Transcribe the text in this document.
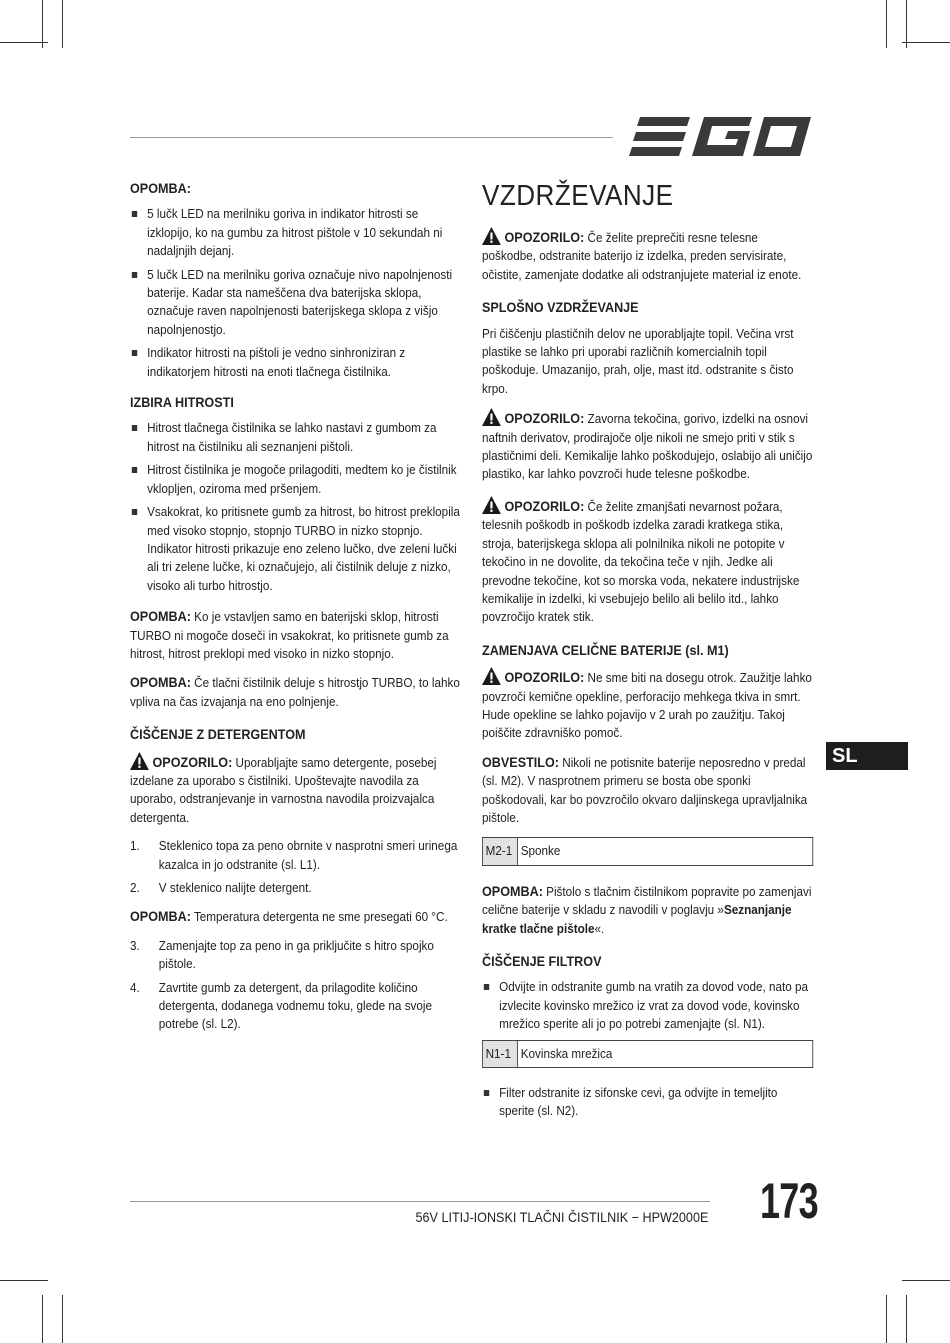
OPOMBA:
5 lučk LED na merilniku goriva in indikator hitrosti se izklopijo, ko na gumbu za hitrost pištole v 10 sekundah ni nadaljnjih dejanj.
5 lučk LED na merilniku goriva označuje nivo napolnjenosti baterije. Kadar sta nameščena dva baterijska sklopa, označuje raven napolnjenosti baterijskega sklopa z višjo napolnjenostjo.
Indikator hitrosti na pištoli je vedno sinhroniziran z indikatorjem hitrosti na enoti tlačnega čistilnika.
IZBIRA HITROSTI
Hitrost tlačnega čistilnika se lahko nastavi z gumbom za hitrost na čistilniku ali seznanjeni pištoli.
Hitrost čistilnika je mogoče prilagoditi, medtem ko je čistilnik vklopljen, oziroma med pršenjem.
Vsakokrat, ko pritisnete gumb za hitrost, bo hitrost preklopila med visoko stopnjo, stopnjo TURBO in nizko stopnjo. Indikator hitrosti prikazuje eno zeleno lučko, dve zeleni lučki ali tri zelene lučke, ki označujejo, ali čistilnik deluje z nizko, visoko ali turbo hitrostjo.

OPOMBA: Ko je vstavljen samo en baterijski sklop, hitrosti TURBO ni mogoče doseči in vsakokrat, ko pritisnete gumb za hitrost, hitrost preklopi med visoko in nizko stopnjo.

OPOMBA: Če tlačni čistilnik deluje s hitrostjo TURBO, to lahko vpliva na čas izvajanja na eno polnjenje.

ČIŠČENJE Z DETERGENTOM

OPOZORILO: Uporabljajte samo detergente, posebej izdelane za uporabo s čistilniki. Upoštevajte navodila za uporabo, odstranjevanje in varnostna navodila proizvajalca detergenta.

1. Steklenico topa za peno obrnite v nasprotni smeri urinega kazalca in jo odstranite (sl. L1).
2. V steklenico nalijte detergent.

OPOMBA: Temperatura detergenta ne sme presegati 60 °C.

3. Zamenjajte top za peno in ga priključite s hitro spojko pištole.
4. Zavrtite gumb za detergent, da prilagodite količino detergenta, dodanega vodnemu toku, glede na svoje potrebe (sl. L2).
VZDRŽEVANJE

OPOZORILO: Če želite preprečiti resne telesne poškodbe, odstranite baterijo iz izdelka, preden servisirate, očistite, zamenjate dodatke ali odstranjujete material iz enote.

SPLOŠNO VZDRŽEVANJE

Pri čiščenju plastičnih delov ne uporabljajte topil. Večina vrst plastike se lahko pri uporabi različnih komercialnih topil poškoduje. Umazanijo, prah, olje, mast itd. odstranite s čisto krpo.

OPOZORILO: Zavorna tekočina, gorivo, izdelki na osnovi naftnih derivatov, prodirajoče olje nikoli ne smejo priti v stik s plastičnimi deli. Kemikalije lahko poškodujejo, oslabijo ali uničijo plastiko, kar lahko povzroči hude telesne poškodbe.

OPOZORILO: Če želite zmanjšati nevarnost požara, telesnih poškodb in poškodb izdelka zaradi kratkega stika, stroja, baterijskega sklopa ali polnilnika nikoli ne potopite v tekočino in ne dovolite, da tekočina teče v njih. Jedke ali prevodne tekočine, kot so morska voda, nekatere industrijske kemikalije in izdelki, ki vsebujejo belilo ali belilo itd., lahko povzročijo kratek stik.

ZAMENJAVA CELIČNE BATERIJE (sl. M1)

OPOZORILO: Ne sme biti na dosegu otrok. Zaužitje lahko povzroči kemične opekline, perforacijo mehkega tkiva in smrt. Hude opekline se lahko pojavijo v 2 urah po zaužitju. Takoj poiščite zdravniško pomoč.

OBVESTILO: Nikoli ne potisnite baterije neposredno v predal (sl. M2). V nasprotnem primeru se bosta obe sponki poškodovali, kar bo povzročilo okvaro daljinskega upravljalnika pištole.

M2-1	Sponke

OPOMBA: Pištolo s tlačnim čistilnikom popravite po zamenjavi celične baterije v skladu z navodili v poglavju »Seznanjanje kratke tlačne pištole«.

ČIŠČENJE FILTROV
Odvijte in odstranite gumb na vratih za dovod vode, nato pa izvlecite kovinsko mrežico iz vrat za dovod vode, kovinsko mrežico sperite ali jo po potrebi zamenjajte (sl. N1).
N1-1	Kovinska mrežica
Filter odstranite iz sifonske cevi, ga odvijte in temeljito sperite (sl. N2).
SL
56V LITIJ-IONSKI TLAČNI ČISTILNIK − HPW2000E 173
